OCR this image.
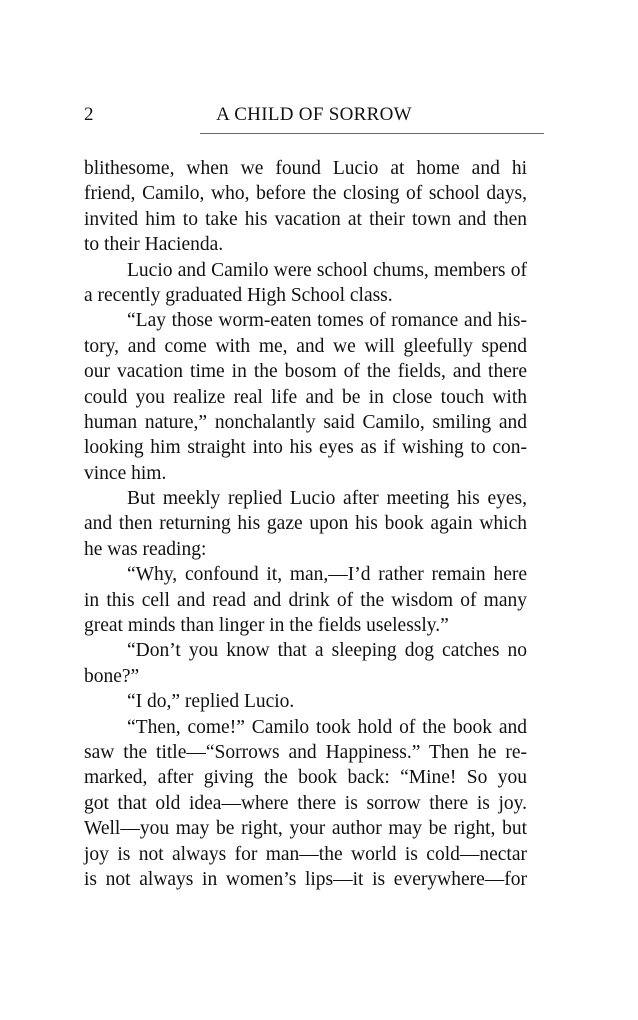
2	A CHILD OF SORROW
blithesome, when we found Lucio at home and hi
friend, Camilo, who, before the closing of school days,
invited him to take his vacation at their town and then
to their Hacienda.
Lucio and Camilo were school chums, members of
a recently graduated High School class.
“Lay those worm-eaten tomes of romance and his-
tory, and come with me, and we will gleefully spend
our vacation time in the bosom of the fields, and there
could you realize real life and be in close touch with
human nature,” nonchalantly said Camilo, smiling and
looking him straight into his eyes as if wishing to con-
vince him.
But meekly replied Lucio after meeting his eyes,
and then returning his gaze upon his book again which
he was reading:
“Why, confound it, man,—I’d rather remain here
in this cell and read and drink of the wisdom of many
great minds than linger in the fields uselessly.”
“Don’t you know that a sleeping dog catches no
bone?”
“I do,” replied Lucio.
“Then, come!” Camilo took hold of the book and
saw the title—“Sorrows and Happiness.” Then he re-
marked, after giving the book back: “Mine! So you
got that old idea—where there is sorrow there is joy.
Well—you may be right, your author may be right, but
joy is not always for man—the world is cold—nectar
is not always in women’s lips—it is everywhere—for
